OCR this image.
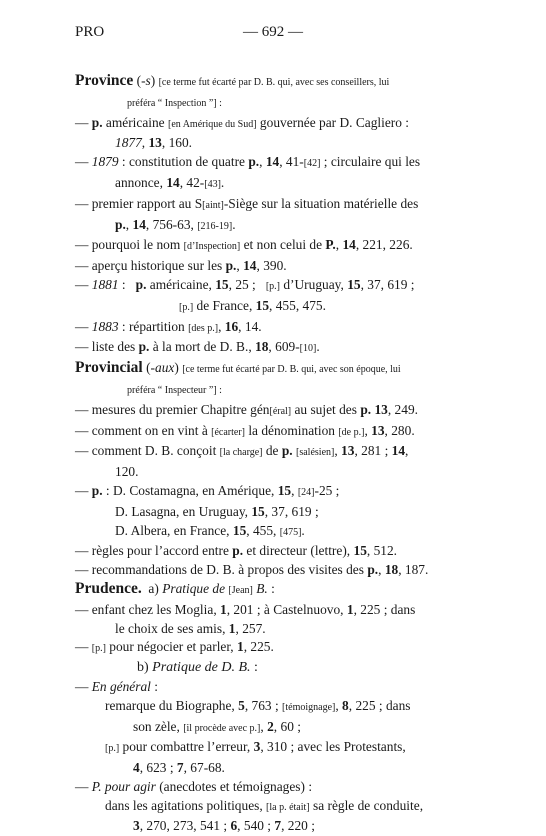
PRO	— 692 —
Province (-s) [ce terme fut écarté par D. B. qui, avec ses conseillers, lui
préféra “ Inspection ”] :
— p. américaine [en Amérique du Sud] gouvernée par D. Cagliero :
1877, 13, 160.
— 1879 : constitution de quatre p., 14, 41-[42] ; circulaire qui les
annonce, 14, 42-[43].
— premier rapport au S[aint]-Siège sur la situation matérielle des
p., 14, 756-63, [216-19].
— pourquoi le nom [d’Inspection] et non celui de P., 14, 221, 226.
— aperçu historique sur les p., 14, 390.
— 1881 :   p. américaine, 15, 25 ;   [p.] d’Uruguay, 15, 37, 619 ;
[p.] de France, 15, 455, 475.
— 1883 : répartition [des p.], 16, 14.
— liste des p. à la mort de D. B., 18, 609-[10].
Provincial (-aux) [ce terme fut écarté par D. B. qui, avec son époque, lui
préféra “ Inspecteur ”] :
— mesures du premier Chapitre gén[éral] au sujet des p. 13, 249.
— comment on en vint à [écarter] la dénomination [de p.], 13, 280.
— comment D. B. conçoit [la charge] de p. [salésien], 13, 281 ; 14,
120.
— p. : D. Costamagna, en Amérique, 15, [24]-25 ;
D. Lasagna, en Uruguay, 15, 37, 619 ;
D. Albera, en France, 15, 455, [475].
— règles pour l’accord entre p. et directeur (lettre), 15, 512.
— recommandations de D. B. à propos des visites des p., 18, 187.
Prudence.  a) Pratique de [Jean] B. :
— enfant chez les Moglia, 1, 201 ; à Castelnuovo, 1, 225 ; dans
le choix de ses amis, 1, 257.
— [p.] pour négocier et parler, 1, 225.
b) Pratique de D. B. :
— En général :
remarque du Biographe, 5, 763 ; [témoignage], 8, 225 ; dans
son zèle, [il procède avec p.], 2, 60 ;
[p.] pour combattre l’erreur, 3, 310 ; avec les Protestants,
4, 623 ; 7, 67-68.
— P. pour agir (anecdotes et témoignages) :
dans les agitations politiques, [la p. était] sa règle de conduite,
3, 270, 273, 541 ; 6, 540 ; 7, 220 ;
